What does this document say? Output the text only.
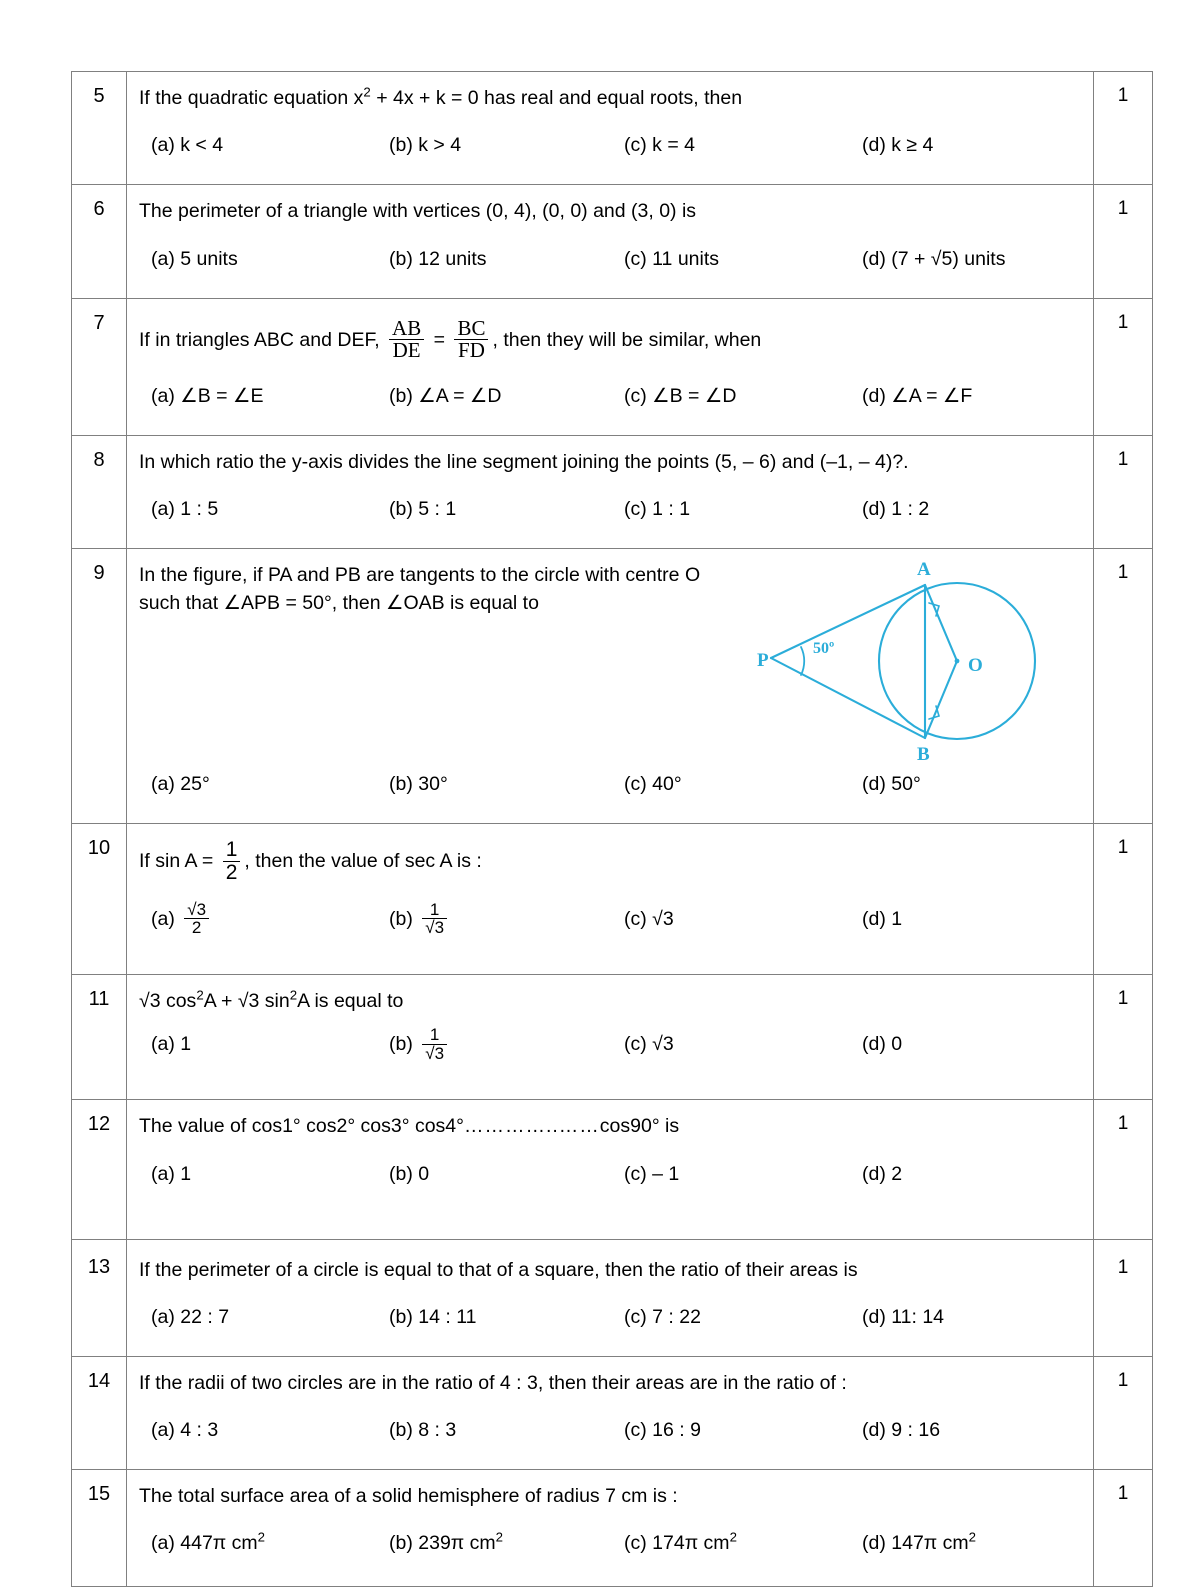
5	If the quadratic equation $x^2 + 4x + k = 0$ has real and equal roots, then
(a) k < 4 (b) k > 4 (c) k = 4 (d) k ≥ 4	1
6	The perimeter of a triangle with vertices (0, 4), (0, 0) and (3, 0) is
(a) 5 units (b) 12 units (c) 11 units (d) (7 + √5) units	1
7	
If in triangles ABC and DEF, $\frac{AB}{DE} = \frac{BC}{FD}$ , then they will be similar, when
(a) ∠B = ∠E	(b) ∠A = ∠D	(c) ∠B = ∠D	(d) ∠A = ∠F
	1
8	In which ratio the y-axis divides the line segment joining the points (5, – 6) and (–1, – 4)?.
(a) 1 : 5 (b) 5 : 1 (c) 1 : 1 (d) 1 : 2	1
9	In the figure, if PA and PB are tangents to the circle with centre O such that ∠APB = 50°, then ∠OAB is equal to
P
A
B
O
50º
(a) 25°	(b) 30°	(c) 40°	(d) 50°
	1
10	
If $\sin A = \frac{1}{2}$ , then the value of sec A is :
$(a) \frac{√3}{2}$	$(b) \frac{1}{√3}$	(c) √3	(d) 1
	1
11	√3 $\cos^2A + √3$ $\sin^2A$ is equal to
(a) 1	$(b) \frac{1}{√3}$	(c) √3	(d) 0
	1
12	The value of cos1° cos2° cos3° cos4°…………..……cos90° is
(a) 1 (b) 0 (c) – 1 (d) 2	1
13	If the perimeter of a circle is equal to that of a square, then the ratio of their areas is
(a) 22 : 7 (b) 14 : 11 (c) 7 : 22 (d) 11: 14	1
14	If the radii of two circles are in the ratio of 4 : 3, then their areas are in the ratio of :
(a) 4 : 3 (b) 8 : 3 (c) 16 : 9 (d) 9 : 16	1
15	The total surface area of a solid hemisphere of radius 7 cm is :
(a) 447π $cm^2$ (b) 239π $cm^2$ (c) 174π $cm^2$ (d) 147π $cm^2$	1
